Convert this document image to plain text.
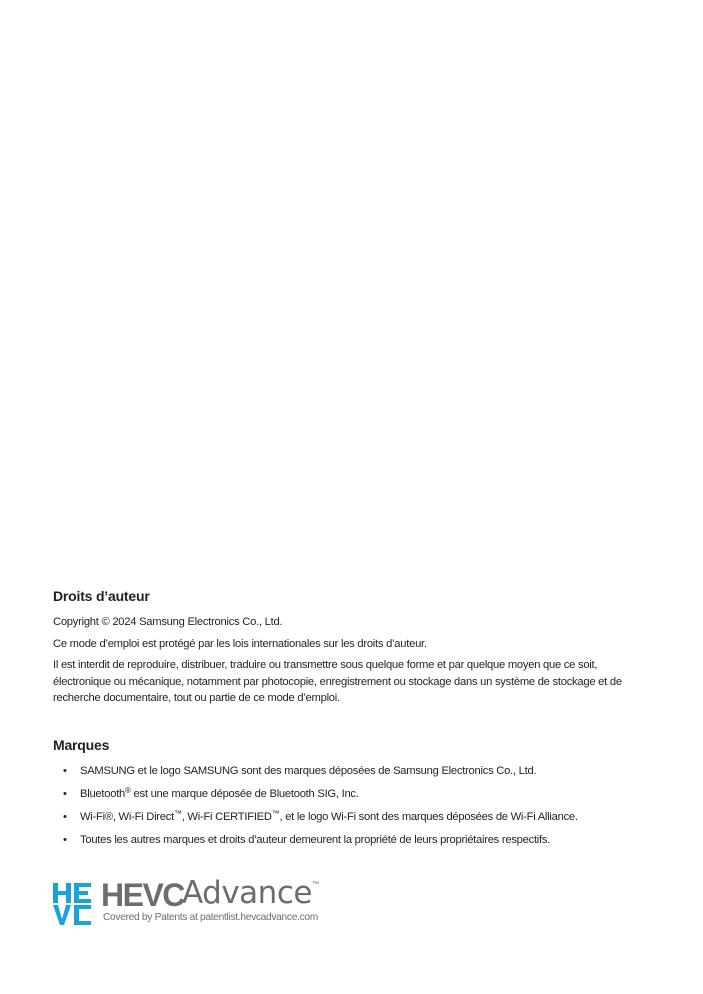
Droits d’auteur

Copyright © 2024 Samsung Electronics Co., Ltd.

Ce mode d’emploi est protégé par les lois internationales sur les droits d’auteur.

Il est interdit de reproduire, distribuer, traduire ou transmettre sous quelque forme et par quelque moyen que ce soit, électronique ou mécanique, notamment par photocopie, enregistrement ou stockage dans un système de stockage et de recherche documentaire, tout ou partie de ce mode d’emploi.

Marques
• SAMSUNG et le logo SAMSUNG sont des marques déposées de Samsung Electronics Co., Ltd.
• Bluetooth® est une marque déposée de Bluetooth SIG, Inc.
• Wi-Fi®, Wi-Fi Direct™, Wi-Fi CERTIFIED™, et le logo Wi-Fi sont des marques déposées de Wi-Fi Alliance.
• Toutes les autres marques et droits d’auteur demeurent la propriété de leurs propriétaires respectifs.
HEVC
Advance ™
Covered by Patents at patentlist.hevcadvance.com
